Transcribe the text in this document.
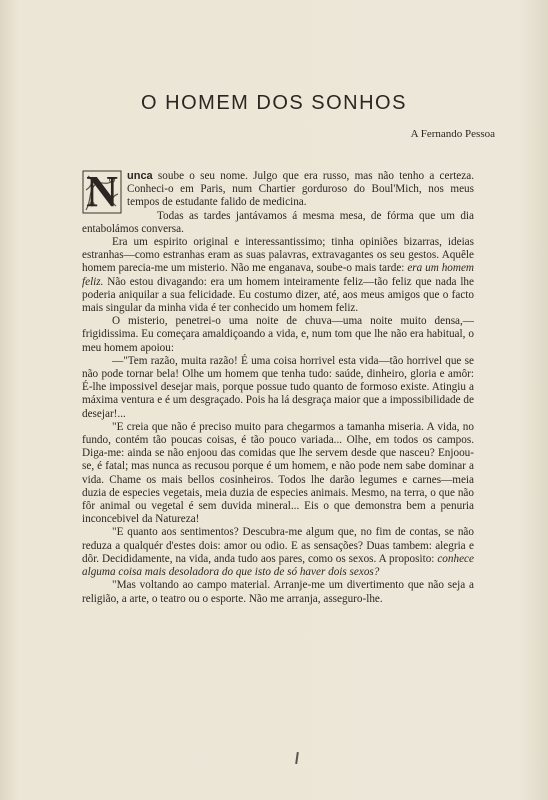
O HOMEM DOS SONHOS

A Fernando Pessoa

N unca soube o seu nome. Julgo que era russo, mas não tenho a certeza. Conheci-o em Paris, num Chartier gorduroso do Boul'Mich, nos meus tempos de estudante falido de medicina.

Todas as tardes jantávamos á mesma mesa, de fórma que um dia entabolámos conversa.

Era um espirito original e interessantissimo; tinha opiniões bizarras, ideias estranhas—como estranhas eram as suas palavras, extravagantes os seu gestos. Aquêle homem parecia-me um misterio. Não me enganava, soube-o mais tarde: era um homem feliz. Não estou divagando: era um homem inteiramente feliz—tão feliz que nada lhe poderia aniquilar a sua felicidade. Eu costumo dizer, até, aos meus amigos que o facto mais singular da minha vida é ter conhecido um homem feliz.

O misterio, penetrei-o uma noite de chuva—uma noite muito densa,—frigidissima. Eu começara amaldiçoando a vida, e, num tom que lhe não era habitual, o meu homem apoiou:

—"Tem razão, muita razão! É uma coisa horrivel esta vida—tão horrivel que se não pode tornar bela! Olhe um homem que tenha tudo: saúde, dinheiro, gloria e amôr: É-lhe impossivel desejar mais, porque possue tudo quanto de formoso existe. Atingiu a máxima ventura e é um desgraçado. Pois ha lá desgraça maior que a impossibilidade de desejar!...

"E creia que não é preciso muito para chegarmos a tamanha miseria. A vida, no fundo, contém tão poucas coisas, é tão pouco variada... Olhe, em todos os campos. Diga-me: ainda se não enjoou das comidas que lhe servem desde que nasceu? Enjoou-se, é fatal; mas nunca as recusou porque é um homem, e não pode nem sabe dominar a vida. Chame os mais bellos cosinheiros. Todos lhe darão legumes e carnes—meia duzia de especies vegetais, meia duzia de especies animais. Mesmo, na terra, o que não fôr animal ou vegetal é sem duvida mineral... Eis o que demonstra bem a penuria inconcebivel da Natureza!

"E quanto aos sentimentos? Descubra-me algum que, no fim de contas, se não reduza a qualquér d'estes dois: amor ou odio. E as sensações? Duas tambem: alegria e dôr. Decididamente, na vida, anda tudo aos pares, como os sexos. A proposito: conhece alguma coisa mais desoladora do que isto de só haver dois sexos?

"Mas voltando ao campo material. Arranje-me um divertimento que não seja a religião, a arte, o teatro ou o esporte. Não me arranja, asseguro-lhe.
